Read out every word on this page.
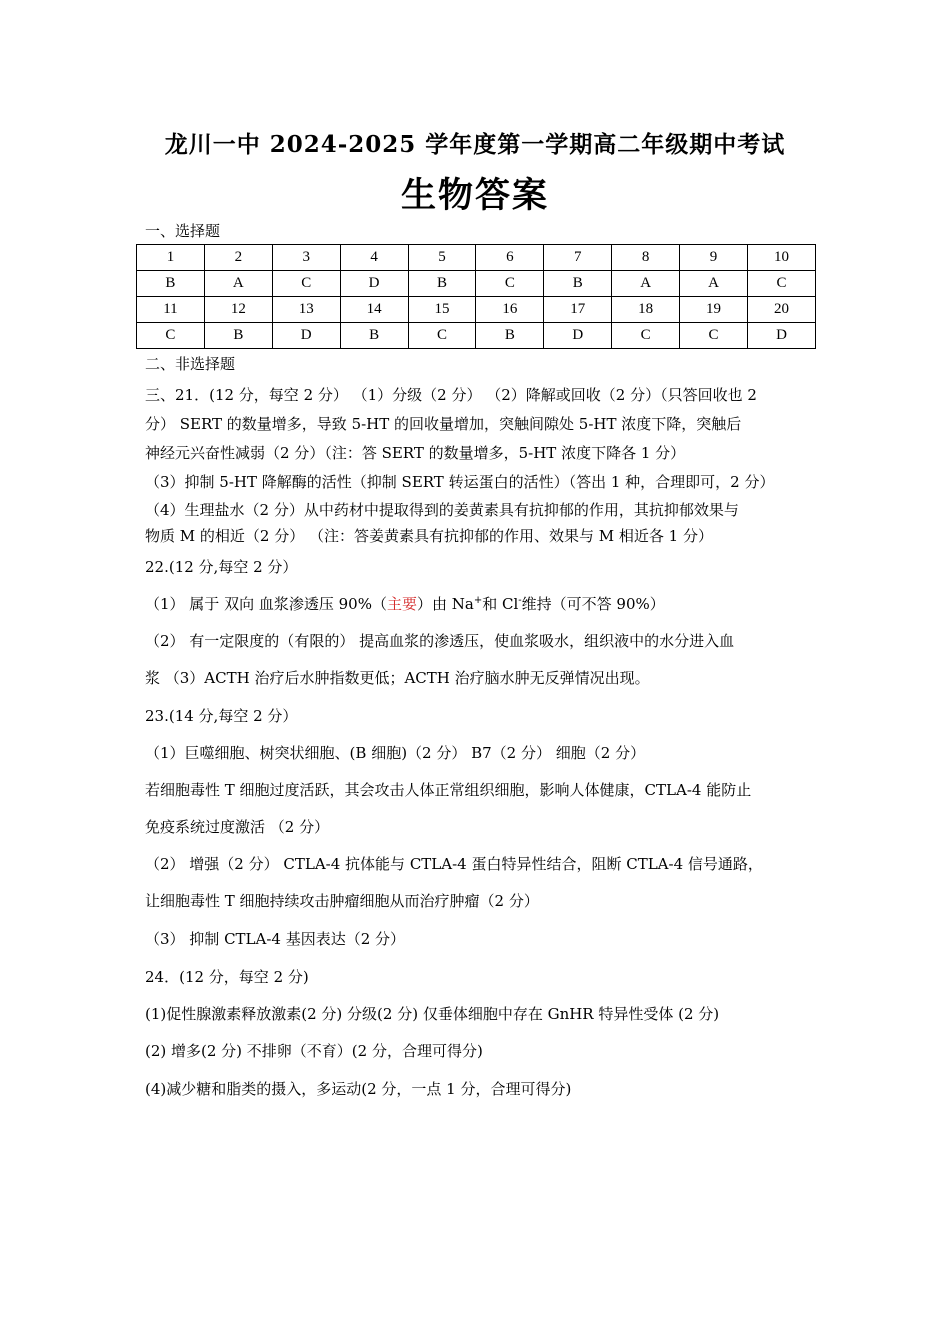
龙川一中 2024-2025 学年度第一学期高二年级期中考试
生物答案
一、选择题
1	2	3	4	5	6	7	8	9	10
B	A	C	D	B	C	B	A	A	C
11	12	13	14	15	16	17	18	19	20
C	B	D	B	C	B	D	C	C	D
二、非选择题
三、21．(12 分，每空 2 分） （1）分级（2 分） （2）降解或回收（2 分）（只答回收也 2
分） SERT 的数量增多，导致 5-HT 的回收量增加，突触间隙处 5-HT 浓度下降，突触后
神经元兴奋性减弱（2 分）（注：答 SERT 的数量增多，5-HT 浓度下降各 1 分）
（3）抑制 5-HT 降解酶的活性（抑制 SERT 转运蛋白的活性）（答出 1 种，合理即可，2 分）
（4）生理盐水（2 分）从中药材中提取得到的姜黄素具有抗抑郁的作用，其抗抑郁效果与
物质 M 的相近（2 分） （注：答姜黄素具有抗抑郁的作用、效果与 M 相近各 1 分）
22.(12 分,每空 2 分）
（1） 属于 双向 血浆渗透压 90%（主要）由 Na+和 Cl-维持（可不答 90%）
（2） 有一定限度的（有限的） 提高血浆的渗透压，使血浆吸水，组织液中的水分进入血
浆 （3）ACTH 治疗后水肿指数更低；ACTH 治疗脑水肿无反弹情况出现。
23.(14 分,每空 2 分）
（1）巨噬细胞、树突状细胞、(B 细胞)（2 分） B7（2 分） 细胞（2 分）
若细胞毒性 T 细胞过度活跃，其会攻击人体正常组织细胞，影响人体健康，CTLA-4 能防止
免疫系统过度激活 （2 分）
（2） 增强（2 分） CTLA-4 抗体能与 CTLA-4 蛋白特异性结合，阻断 CTLA-4 信号通路，
让细胞毒性 T 细胞持续攻击肿瘤细胞从而治疗肿瘤（2 分）
（3） 抑制 CTLA-4 基因表达（2 分）
24．(12 分，每空 2 分)
(1)促性腺激素释放激素(2 分) 分级(2 分) 仅垂体细胞中存在 GnHR 特异性受体 (2 分)
(2) 增多(2 分) 不排卵（不育）(2 分，合理可得分)
(4)减少糖和脂类的摄入，多运动(2 分，一点 1 分，合理可得分)
